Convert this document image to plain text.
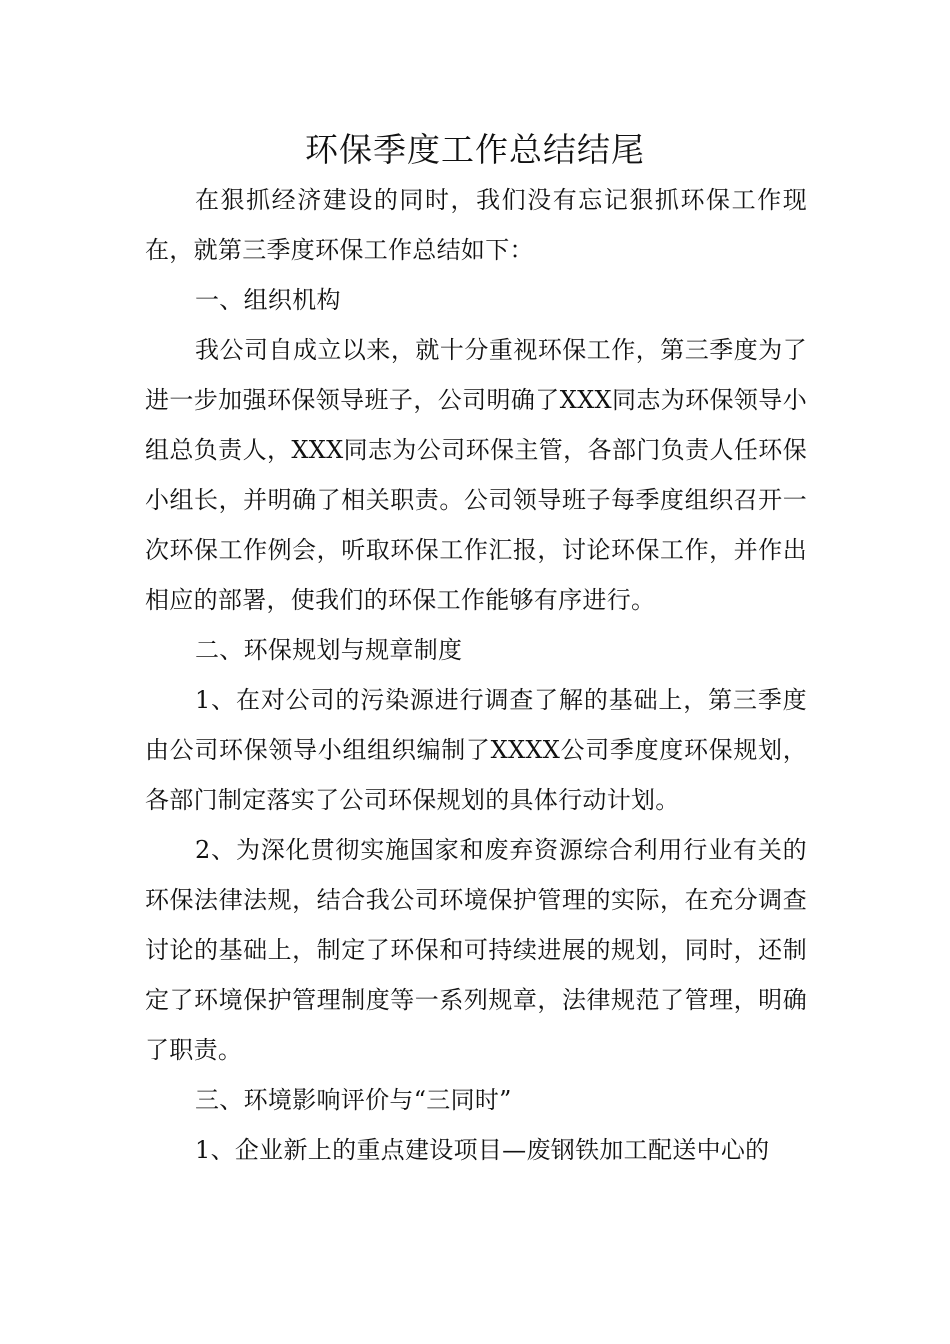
环保季度工作总结结尾

在狠抓经济建设的同时，我们没有忘记狠抓环保工作现在，就第三季度环保工作总结如下：

一、组织机构

我公司自成立以来，就十分重视环保工作，第三季度为了进一步加强环保领导班子，公司明确了XXX同志为环保领导小组总负责人，XXX同志为公司环保主管，各部门负责人任环保小组长，并明确了相关职责。公司领导班子每季度组织召开一次环保工作例会，听取环保工作汇报，讨论环保工作，并作出相应的部署，使我们的环保工作能够有序进行。

二、环保规划与规章制度

1、在对公司的污染源进行调查了解的基础上，第三季度由公司环保领导小组组织编制了XXXX公司季度度环保规划，各部门制定落实了公司环保规划的具体行动计划。

2、为深化贯彻实施国家和废弃资源综合利用行业有关的环保法律法规，结合我公司环境保护管理的实际，在充分调查讨论的基础上，制定了环保和可持续进展的规划，同时，还制定了环境保护管理制度等一系列规章，法律规范了管理，明确了职责。

三、环境影响评价与“三同时”

1、企业新上的重点建设项目—废钢铁加工配送中心的
